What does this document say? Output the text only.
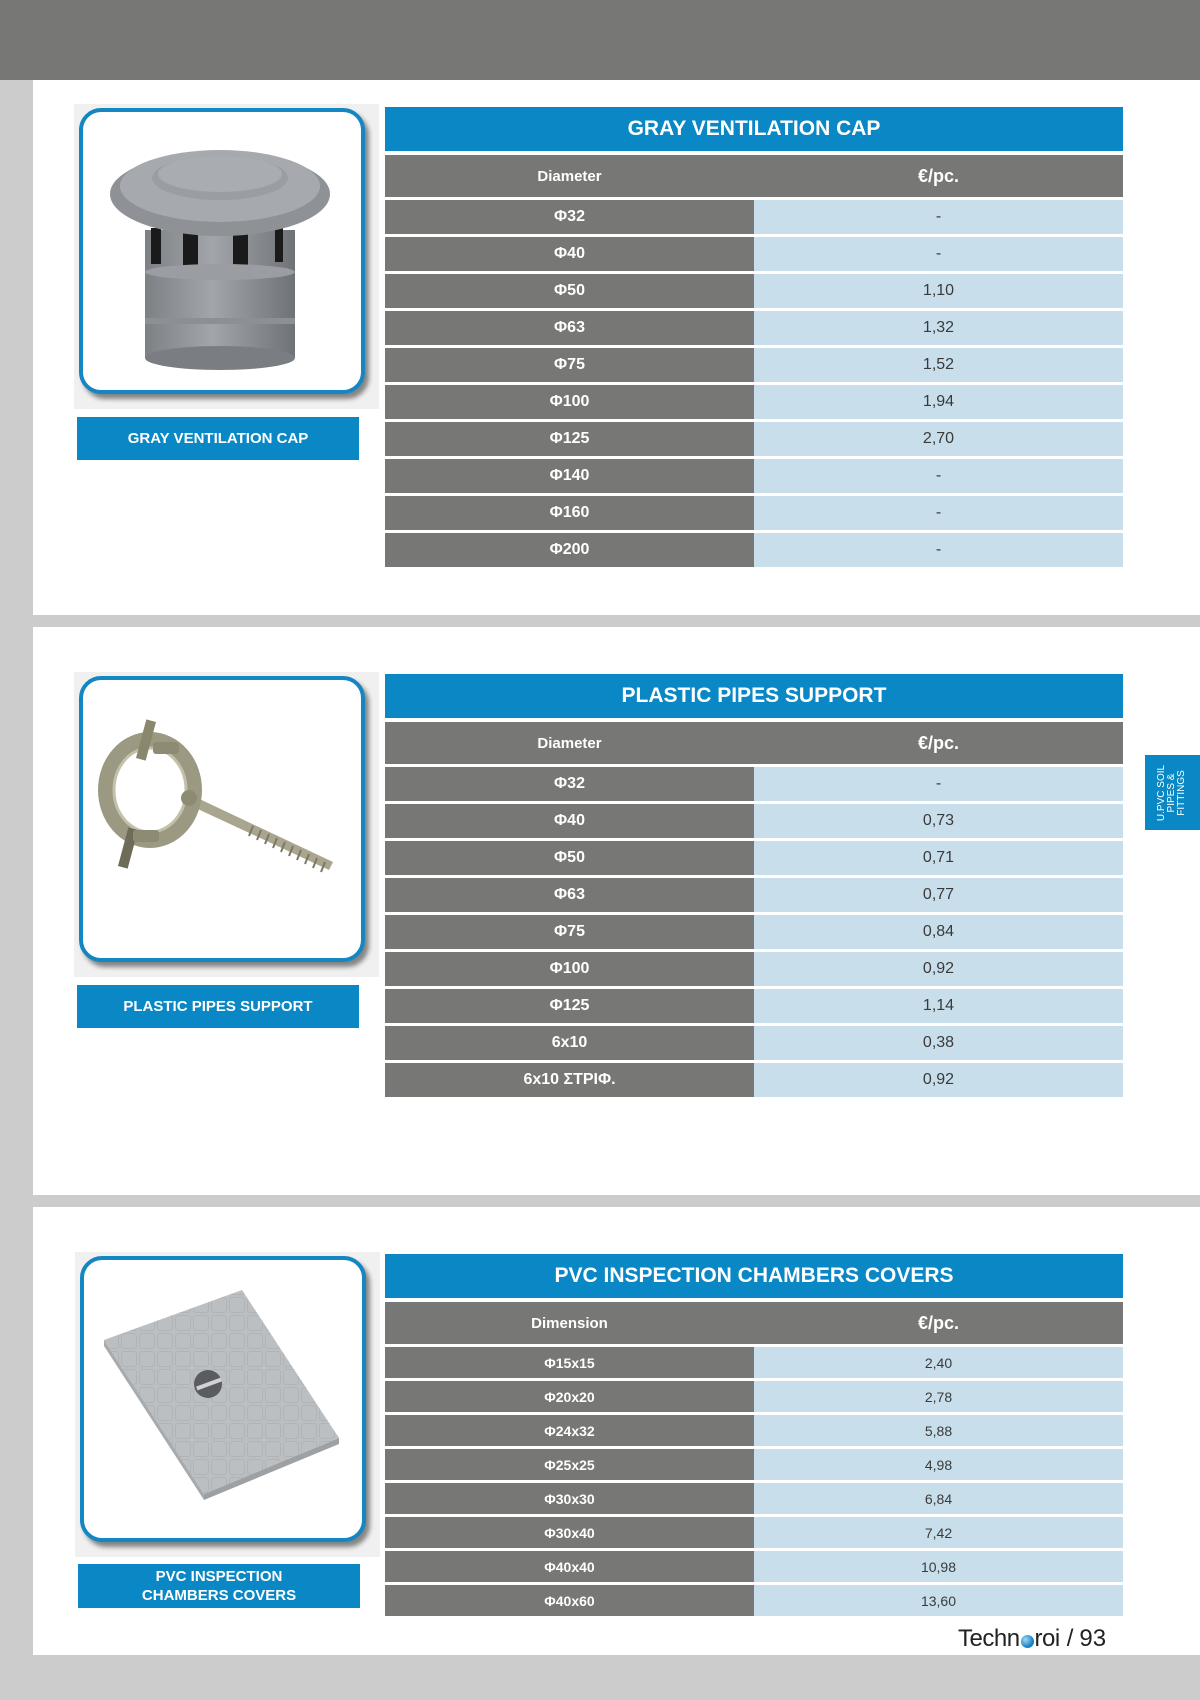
GRAY VENTILATION CAP
PLASTIC PIPES SUPPORT
PVC INSPECTION
CHAMBERS COVERS
GRAY VENTILATION CAP
Diameter	€/pc.
Φ32	-
Φ40	-
Φ50	1,10
Φ63	1,32
Φ75	1,52
Φ100	1,94
Φ125	2,70
Φ140	-
Φ160	-
Φ200	-
PLASTIC PIPES SUPPORT
Diameter	€/pc.
Φ32	-
Φ40	0,73
Φ50	0,71
Φ63	0,77
Φ75	0,84
Φ100	0,92
Φ125	1,14
6x10	0,38
6x10 ΣΤΡΙΦ.	0,92
PVC INSPECTION CHAMBERS COVERS
Dimension	€/pc.
Φ15x15	2,40
Φ20x20	2,78
Φ24x32	5,88
Φ25x25	4,98
Φ30x30	6,84
Φ30x40	7,42
Φ40x40	10,98
Φ40x60	13,60
U.PVC SOIL PIPES & FITTINGS
Techn roi / 93
